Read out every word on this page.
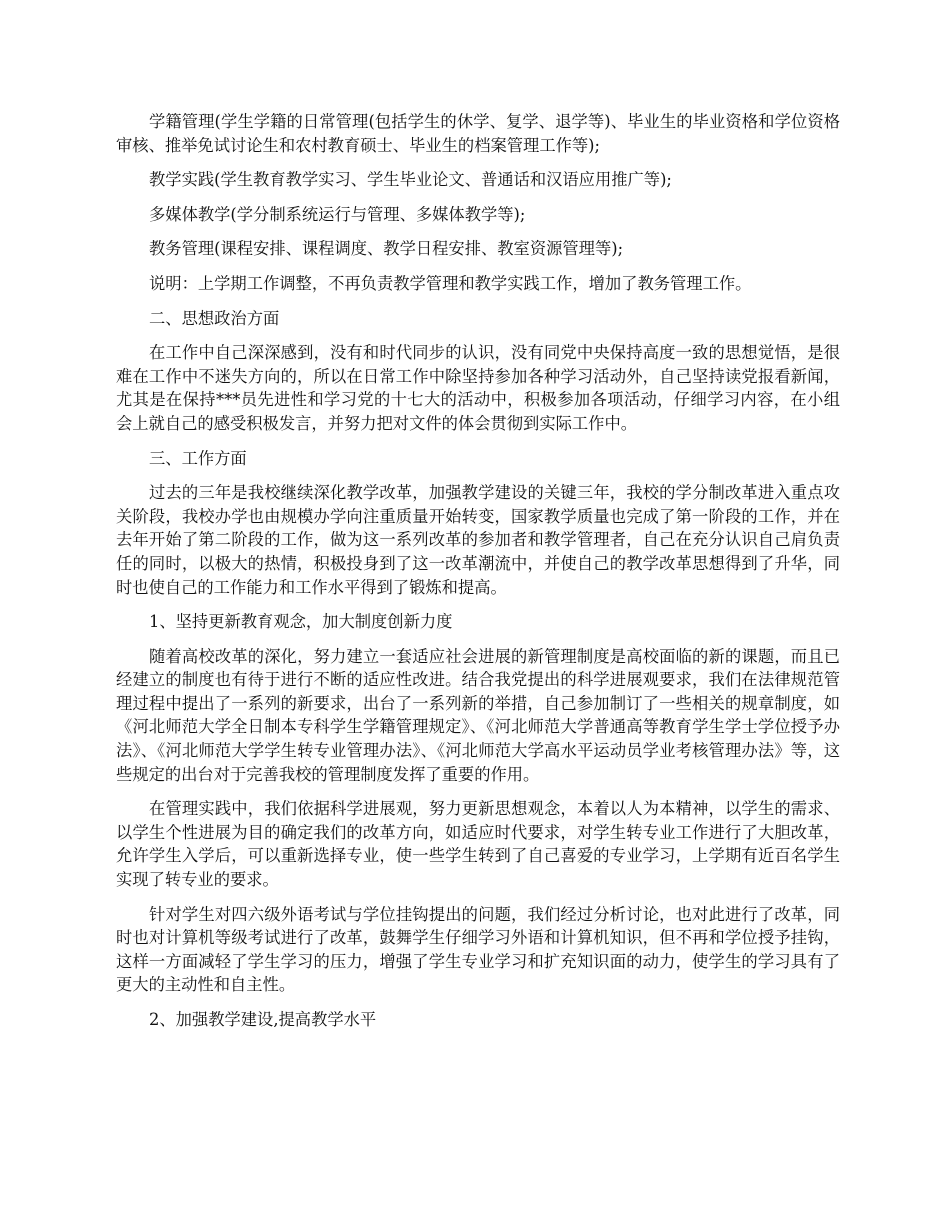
学籍管理(学生学籍的日常管理(包括学生的休学、复学、退学等)、毕业生的毕业资格和学位资格审核、推举免试讨论生和农村教育硕士、毕业生的档案管理工作等);

教学实践(学生教育教学实习、学生毕业论文、普通话和汉语应用推广等);

多媒体教学(学分制系统运行与管理、多媒体教学等);

教务管理(课程安排、课程调度、教学日程安排、教室资源管理等);

说明：上学期工作调整，不再负责教学管理和教学实践工作，增加了教务管理工作。

二、思想政治方面

在工作中自己深深感到，没有和时代同步的认识，没有同党中央保持高度一致的思想觉悟，是很难在工作中不迷失方向的，所以在日常工作中除坚持参加各种学习活动外，自己坚持读党报看新闻，尤其是在保持***员先进性和学习党的十七大的活动中，积极参加各项活动，仔细学习内容，在小组会上就自己的感受积极发言，并努力把对文件的体会贯彻到实际工作中。

三、工作方面

过去的三年是我校继续深化教学改革，加强教学建设的关键三年，我校的学分制改革进入重点攻关阶段，我校办学也由规模办学向注重质量开始转变，国家教学质量也完成了第一阶段的工作，并在去年开始了第二阶段的工作，做为这一系列改革的参加者和教学管理者，自己在充分认识自己肩负责任的同时，以极大的热情，积极投身到了这一改革潮流中，并使自己的教学改革思想得到了升华，同时也使自己的工作能力和工作水平得到了锻炼和提高。

1、坚持更新教育观念，加大制度创新力度

随着高校改革的深化，努力建立一套适应社会进展的新管理制度是高校面临的新的课题，而且已经建立的制度也有待于进行不断的适应性改进。结合我党提出的科学进展观要求，我们在法律规范管理过程中提出了一系列的新要求，出台了一系列新的举措，自己参加制订了一些相关的规章制度，如《河北师范大学全日制本专科学生学籍管理规定》、《河北师范大学普通高等教育学生学士学位授予办法》、《河北师范大学学生转专业管理办法》、《河北师范大学高水平运动员学业考核管理办法》等，这些规定的出台对于完善我校的管理制度发挥了重要的作用。

在管理实践中，我们依据科学进展观，努力更新思想观念，本着以人为本精神，以学生的需求、以学生个性进展为目的确定我们的改革方向，如适应时代要求，对学生转专业工作进行了大胆改革，允许学生入学后，可以重新选择专业，使一些学生转到了自己喜爱的专业学习，上学期有近百名学生实现了转专业的要求。

针对学生对四六级外语考试与学位挂钩提出的问题，我们经过分析讨论，也对此进行了改革，同时也对计算机等级考试进行了改革，鼓舞学生仔细学习外语和计算机知识，但不再和学位授予挂钩，这样一方面减轻了学生学习的压力，增强了学生专业学习和扩充知识面的动力，使学生的学习具有了更大的主动性和自主性。

2、加强教学建设,提高教学水平
